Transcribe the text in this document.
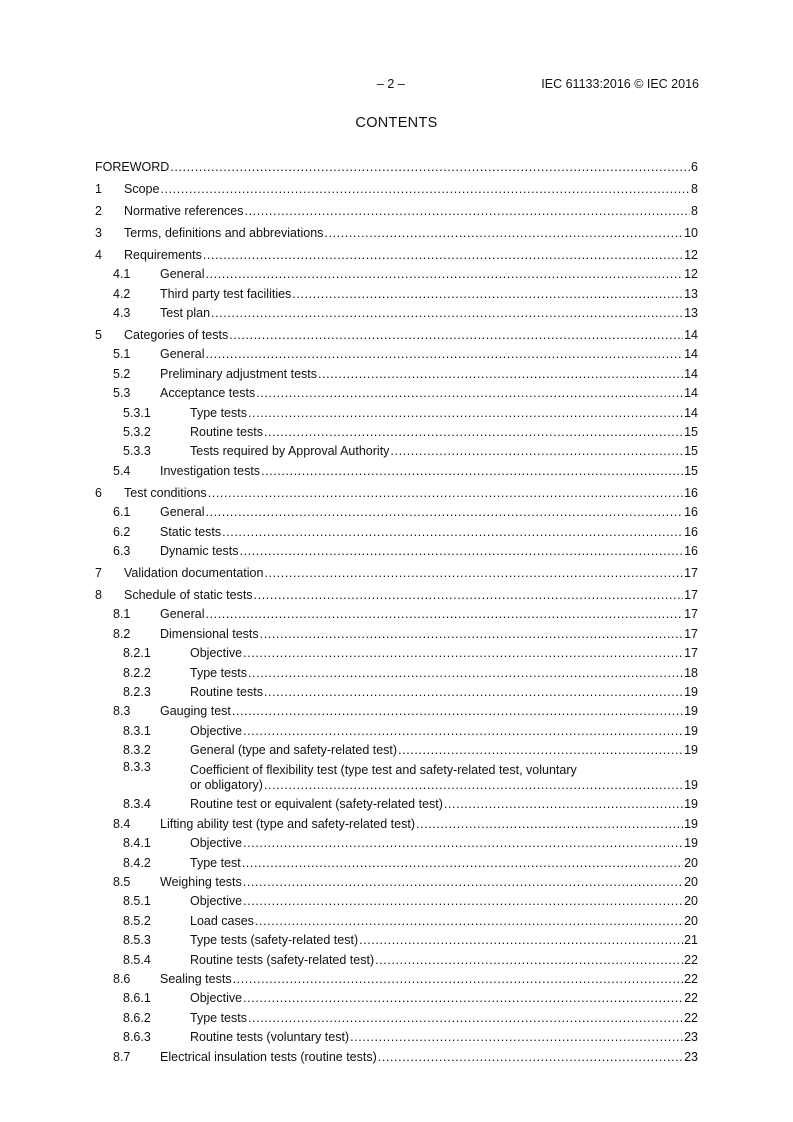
– 2 –	IEC 61133:2016 © IEC 2016
CONTENTS
FOREWORD .....	6
1 Scope .....	8
2 Normative references .....	8
3 Terms, definitions and abbreviations .....	10
4 Requirements .....	12
4.1 General .....	12
4.2 Third party test facilities .....	13
4.3 Test plan .....	13
5 Categories of tests .....	14
5.1 General .....	14
5.2 Preliminary adjustment tests .....	14
5.3 Acceptance tests .....	14
5.3.1	Type tests .....	14
5.3.2	Routine tests .....	15
5.3.3	Tests required by Approval Authority .....	15
5.4 Investigation tests .....	15
6 Test conditions .....	16
6.1 General .....	16
6.2 Static tests .....	16
6.3 Dynamic tests .....	16
7 Validation documentation .....	17
8 Schedule of static tests .....	17
8.1 General .....	17
8.2 Dimensional tests .....	17
8.2.1	Objective .....	17
8.2.2	Type tests .....	18
8.2.3	Routine tests .....	19
8.3 Gauging test .....	19
8.3.1	Objective .....	19
8.3.2	General (type and safety-related test) .....	19
8.3.3	Coefficient of flexibility test (type test and safety-related test, voluntary
or obligatory) .....	19
8.3.4	Routine test or equivalent (safety-related test) .....	19
8.4 Lifting ability test (type and safety-related test) .....	19
8.4.1	Objective .....	19
8.4.2	Type test .....	20
8.5 Weighing tests .....	20
8.5.1	Objective .....	20
8.5.2	Load cases .....	20
8.5.3	Type tests (safety-related test) .....	21
8.5.4	Routine tests (safety-related test) .....	22
8.6 Sealing tests .....	22
8.6.1	Objective .....	22
8.6.2	Type tests .....	22
8.6.3	Routine tests (voluntary test) .....	23
8.7 Electrical insulation tests (routine tests) .....	23
